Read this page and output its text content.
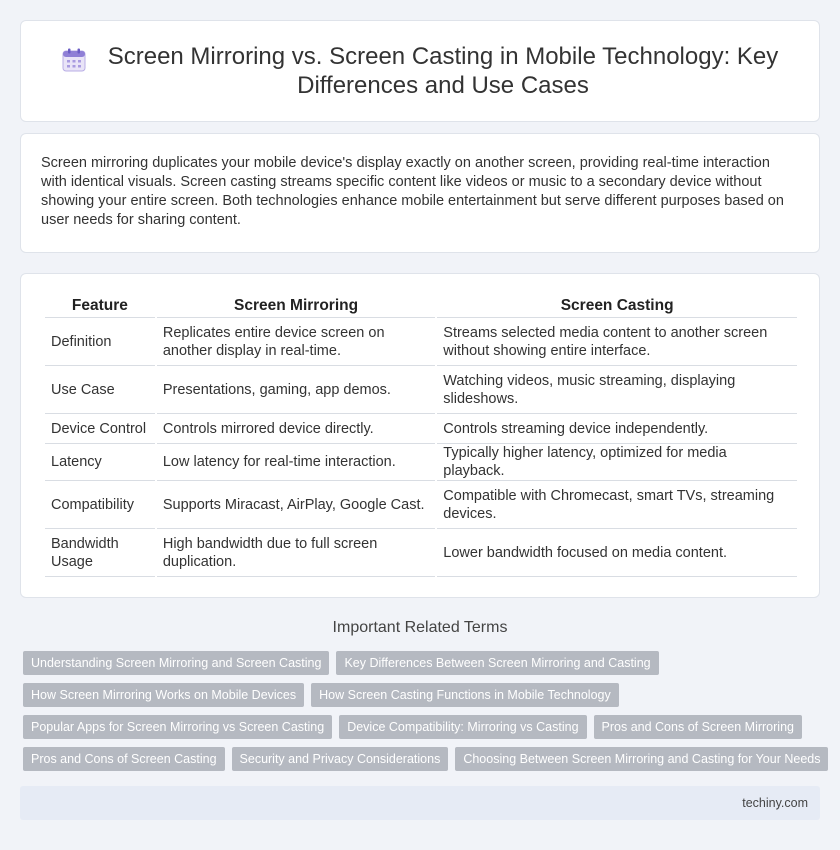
Screen Mirroring vs. Screen Casting in Mobile Technology: Key Differences and Use Cases

Screen mirroring duplicates your mobile device's display exactly on another screen, providing real-time interaction with identical visuals. Screen casting streams specific content like videos or music to a secondary device without showing your entire screen. Both technologies enhance mobile entertainment but serve different purposes based on user needs for sharing content.

Feature	Screen Mirroring	Screen Casting
Definition	Replicates entire device screen on another display in real-time.	Streams selected media content to another screen without showing entire interface.
Use Case	Presentations, gaming, app demos.	Watching videos, music streaming, displaying slideshows.
Device Control	Controls mirrored device directly.	Controls streaming device independently.
Latency	Low latency for real-time interaction.	Typically higher latency, optimized for media playback.
Compatibility	Supports Miracast, AirPlay, Google Cast.	Compatible with Chromecast, smart TVs, streaming devices.
Bandwidth Usage	High bandwidth due to full screen duplication.	Lower bandwidth focused on media content.
Important Related Terms
Understanding Screen Mirroring and Screen Casting	Key Differences Between Screen Mirroring and Casting
How Screen Mirroring Works on Mobile Devices	How Screen Casting Functions in Mobile Technology
Popular Apps for Screen Mirroring vs Screen Casting	Device Compatibility: Mirroring vs Casting	Pros and Cons of Screen Mirroring
Pros and Cons of Screen Casting	Security and Privacy Considerations	Choosing Between Screen Mirroring and Casting for Your Needs
techiny.com
